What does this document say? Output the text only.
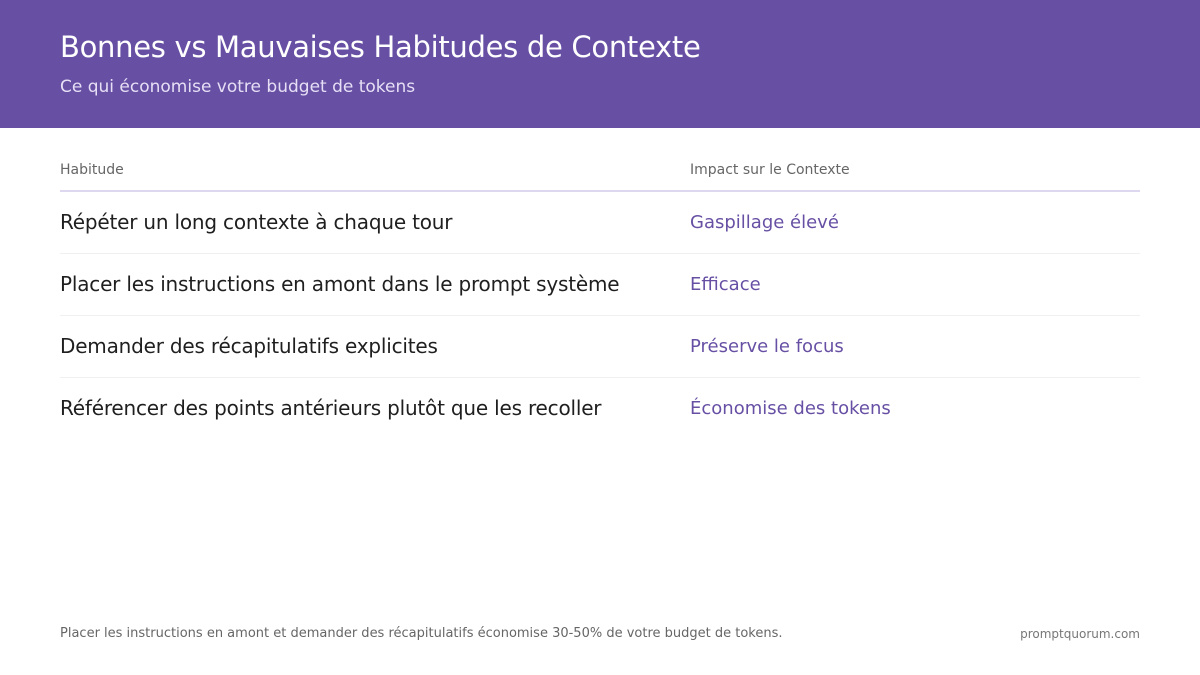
Bonnes vs Mauvaises Habitudes de Contexte
Ce qui économise votre budget de tokens
Habitude	Impact sur le Contexte
Répéter un long contexte à chaque tour	Gaspillage élevé
Placer les instructions en amont dans le prompt système	Efficace
Demander des récapitulatifs explicites	Préserve le focus
Référencer des points antérieurs plutôt que les recoller	Économise des tokens
Placer les instructions en amont et demander des récapitulatifs économise 30-50% de votre budget de tokens.	promptquorum.com
